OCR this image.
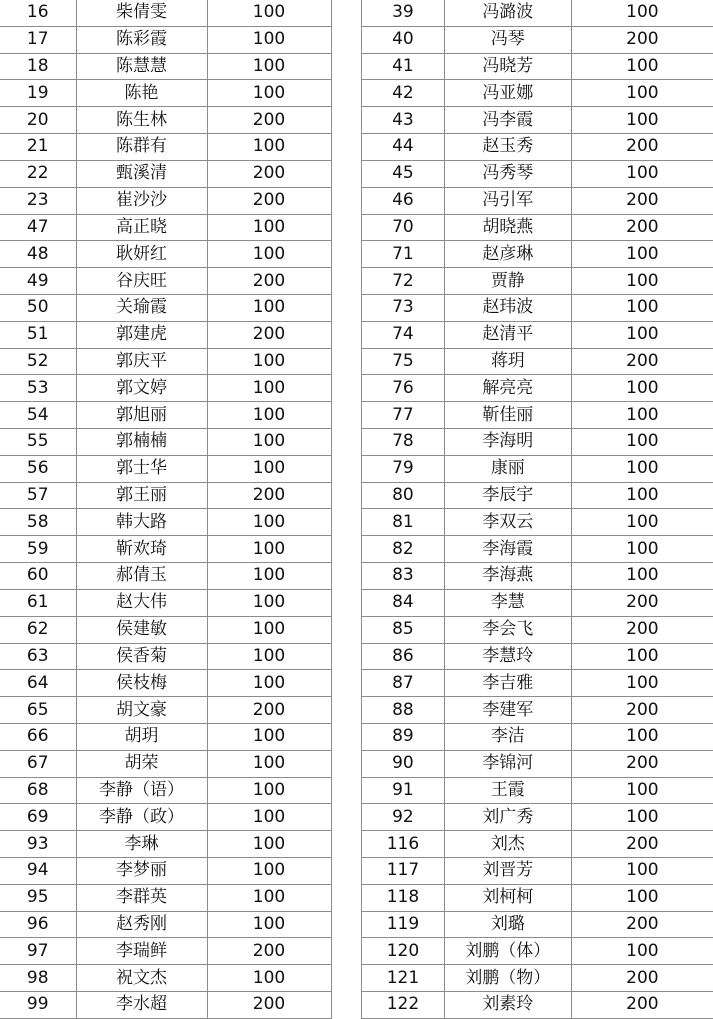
16	柴倩雯	100
17	陈彩霞	100
18	陈慧慧	100
19	陈艳	100
20	陈生林	200
21	陈群有	100
22	甄溪清	200
23	崔沙沙	200
47	高正晓	100
48	耿妍红	100
49	谷庆旺	200
50	关瑜霞	100
51	郭建虎	200
52	郭庆平	100
53	郭文婷	100
54	郭旭丽	100
55	郭楠楠	100
56	郭士华	100
57	郭王丽	200
58	韩大路	100
59	靳欢琦	100
60	郝倩玉	100
61	赵大伟	100
62	侯建敏	100
63	侯香菊	100
64	侯枝梅	100
65	胡文豪	200
66	胡玥	100
67	胡荣	100
68	李静（语）	100
69	李静（政）	100
93	李琳	100
94	李梦丽	100
95	李群英	100
96	赵秀刚	100
97	李瑞鲜	200
98	祝文杰	100
99	李水超	200
39	冯潞波	100
40	冯琴	200
41	冯晓芳	100
42	冯亚娜	100
43	冯李霞	100
44	赵玉秀	200
45	冯秀琴	100
46	冯引军	200
70	胡晓燕	200
71	赵彦琳	100
72	贾静	100
73	赵玮波	100
74	赵清平	100
75	蒋玥	200
76	解亮亮	100
77	靳佳丽	100
78	李海明	100
79	康丽	100
80	李辰宇	100
81	李双云	100
82	李海霞	100
83	李海燕	100
84	李慧	200
85	李会飞	200
86	李慧玲	100
87	李吉雅	100
88	李建军	200
89	李洁	100
90	李锦河	200
91	王霞	100
92	刘广秀	100
116	刘杰	200
117	刘晋芳	100
118	刘柯柯	100
119	刘璐	200
120	刘鹏（体）	100
121	刘鹏（物）	200
122	刘素玲	200
